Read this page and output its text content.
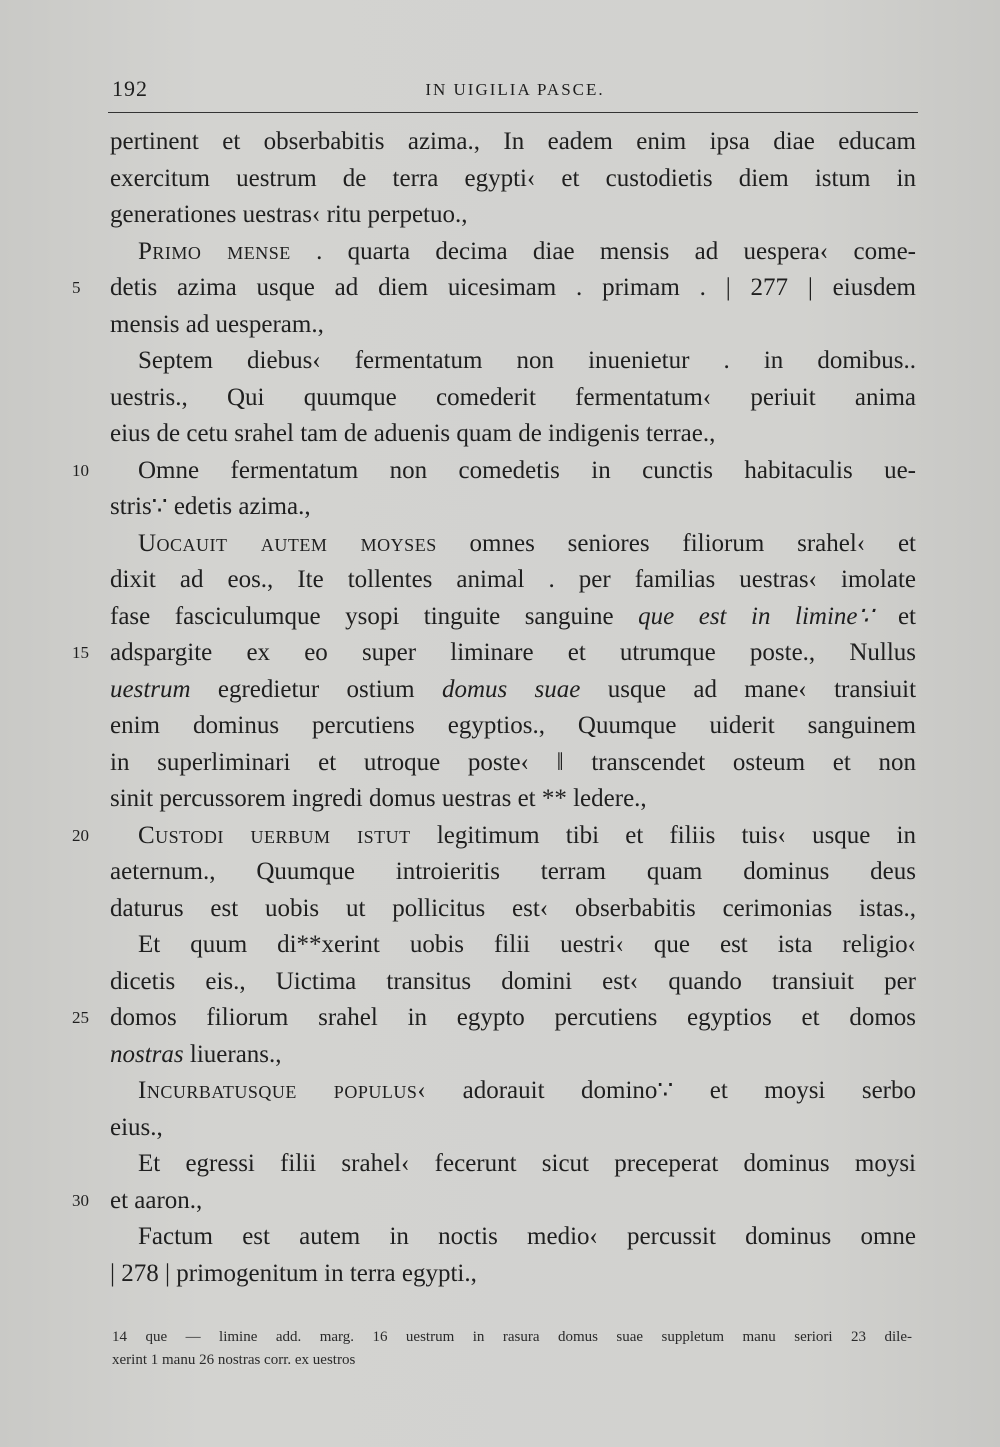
192	IN UIGILIA PASCE.
pertinent et obserbabitis azima., In eadem enim ipsa diae educam
exercitum uestrum de terra egypti‹ et custodietis diem istum in
generationes uestras‹ ritu perpetuo.,
Primo mense . quarta decima diae mensis ad uespera‹ come-
5	detis azima usque ad diem uicesimam . primam . | 277 | eiusdem
mensis ad uesperam.,
Septem diebus‹ fermentatum non inuenietur . in domibus..
uestris., Qui quumque comederit fermentatum‹ periuit anima
eius de cetu srahel tam de aduenis quam de indigenis terrae.,
10	Omne fermentatum non comedetis in cunctis habitaculis ue-
stris∵ edetis azima.,
Uocauit autem moyses omnes seniores filiorum srahel‹ et
dixit ad eos., Ite tollentes animal . per familias uestras‹ imolate
fase fasciculumque ysopi tinguite sanguine que est in limine∵ et
15 adspargite ex eo super liminare et utrumque poste., Nullus
uestrum egredietur ostium domus suae usque ad mane‹ transiuit
enim dominus percutiens egyptios., Quumque uiderit sanguinem
in superliminari et utroque poste‹ ‖ transcendet osteum et non
sinit percussorem ingredi domus uestras et ** ledere.,
20	Custodi uerbum istut legitimum tibi et filiis tuis‹ usque in
aeternum., Quumque introieritis terram quam dominus deus
daturus est uobis ut pollicitus est‹ obserbabitis cerimonias istas.,
Et quum di**xerint uobis filii uestri‹ que est ista religio‹
dicetis eis., Uictima transitus domini est‹ quando transiuit per
25 domos filiorum srahel in egypto percutiens egyptios et domos
nostras liuerans.,
Incurbatusque populus‹ adorauit domino∵ et moysi serbo
eius.,
Et egressi filii srahel‹ fecerunt sicut preceperat dominus moysi
30 et aaron.,
Factum est autem in noctis medio‹ percussit dominus omne
| 278 | primogenitum in terra egypti.,
14 que — limine add. marg. 16 uestrum in rasura domus suae suppletum manu seriori 23 dile-
xerint 1 manu 26 nostras corr. ex uestros
